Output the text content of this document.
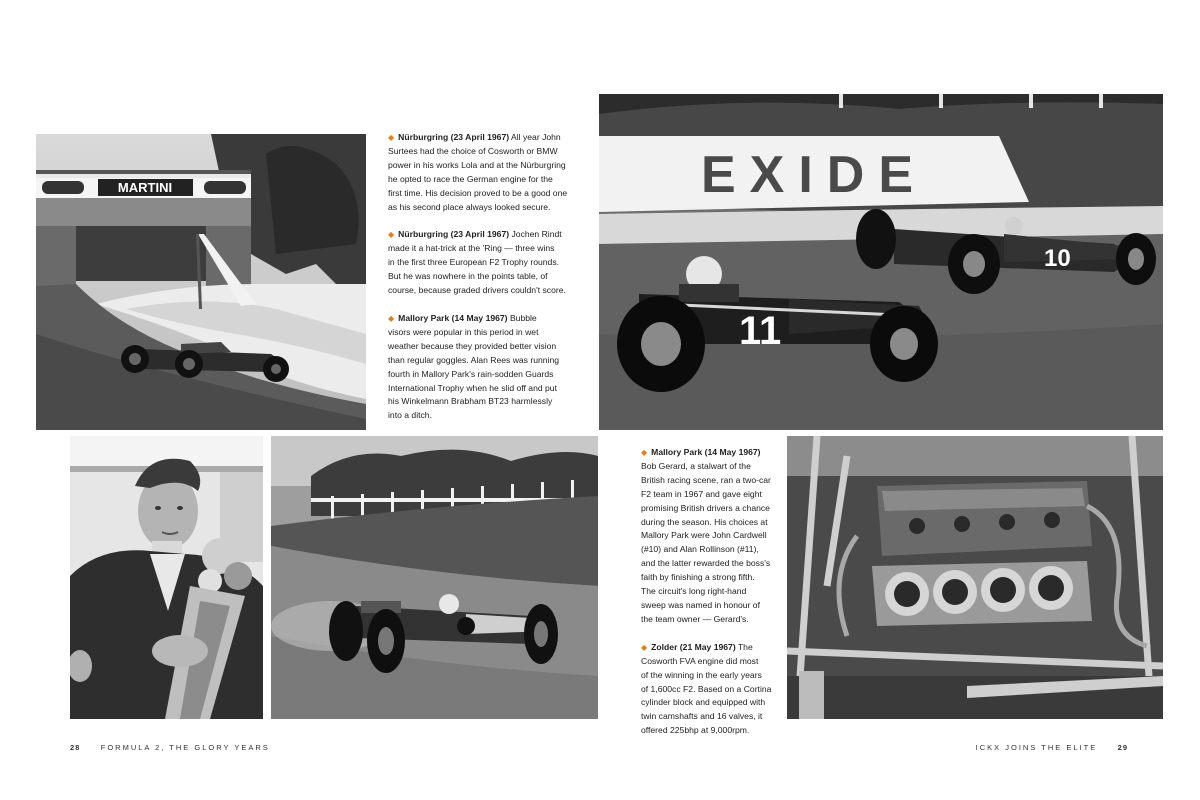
MARTINI
◆ Nürburgring (23 April 1967) All year John
Surtees had the choice of Cosworth or BMW
power in his works Lola and at the Nürburgring
he opted to race the German engine for the
first time. His decision proved to be a good one
as his second place always looked secure.
◆ Nürburgring (23 April 1967) Jochen Rindt
made it a hat-trick at the 'Ring — three wins
in the first three European F2 Trophy rounds.
But he was nowhere in the points table, of
course, because graded drivers couldn't score.
◆ Mallory Park (14 May 1967) Bubble
visors were popular in this period in wet
weather because they provided better vision
than regular goggles. Alan Rees was running
fourth in Mallory Park's rain-sodden Guards
International Trophy when he slid off and put
his Winkelmann Brabham BT23 harmlessly
into a ditch.
EXIDE
10
11
◆ Mallory Park (14 May 1967)
Bob Gerard, a stalwart of the
British racing scene, ran a two-car
F2 team in 1967 and gave eight
promising British drivers a chance
during the season. His choices at
Mallory Park were John Cardwell
(#10) and Alan Rollinson (#11),
and the latter rewarded the boss's
faith by finishing a strong fifth.
The circuit's long right-hand
sweep was named in honour of
the team owner — Gerard's.
◆ Zolder (21 May 1967) The
Cosworth FVA engine did most
of the winning in the early years
of 1,600cc F2. Based on a Cortina
cylinder block and equipped with
twin camshafts and 16 valves, it
offered 225bhp at 9,000rpm.
28	FORMULA 2, THE GLORY YEARS	ICKX JOINS THE ELITE	29
